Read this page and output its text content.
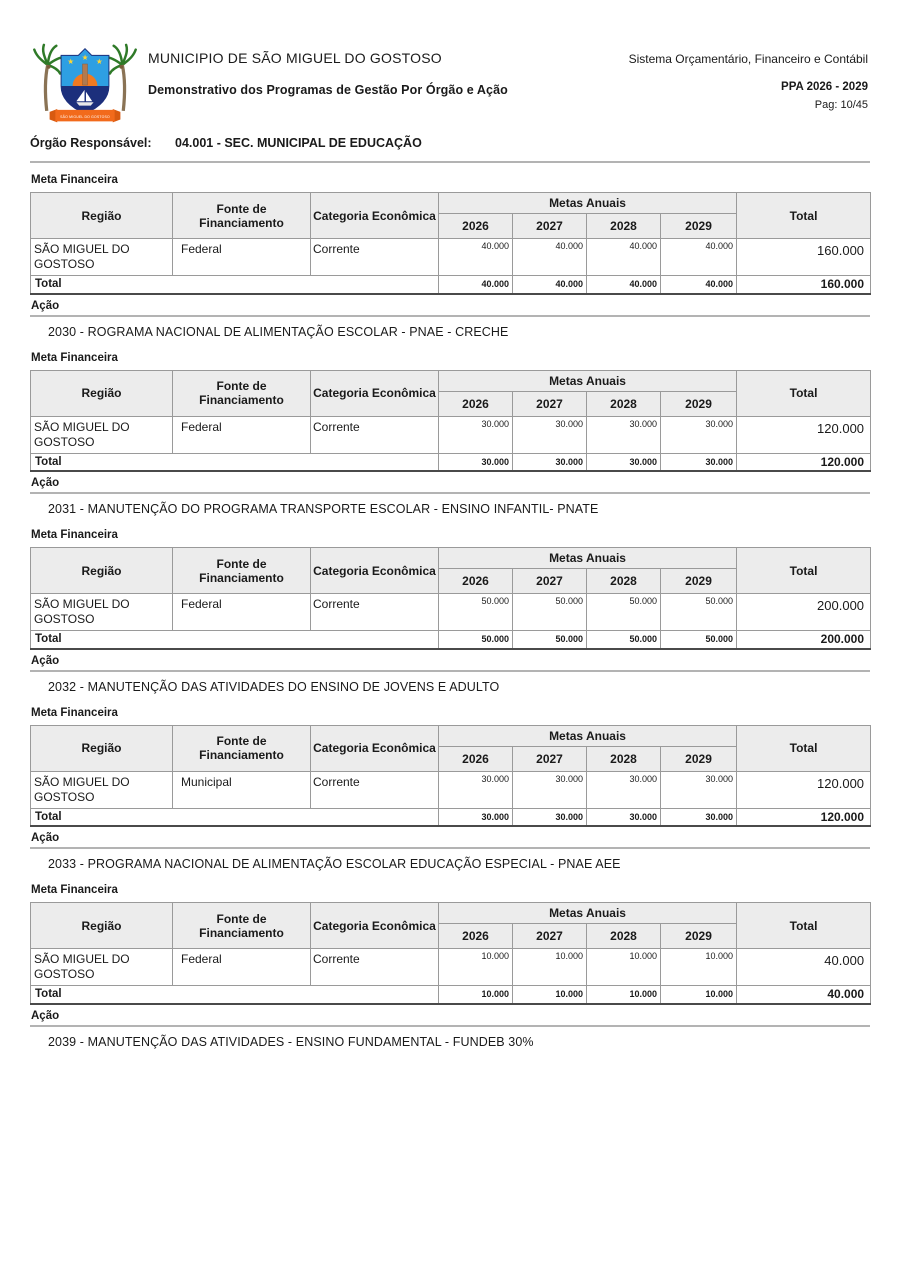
★ ★ ★
SÃO MIGUEL DO GOSTOSO
MUNICIPIO DE SÃO MIGUEL DO GOSTOSO
Demonstrativo dos Programas de Gestão Por Órgão e Ação
Sistema Orçamentário, Financeiro e Contábil
PPA 2026 - 2029
Pag: 10/45
Órgão Responsável: 04.001 - SEC. MUNICIPAL DE EDUCAÇÃO
Meta Financeira
Região	Fonte de Financiamento	Categoria Econômica	Metas Anuais				Total
			2026	2027	2028	2029	
SÃO MIGUEL DO GOSTOSO	Federal	Corrente	40.000	40.000	40.000	40.000	160.000
Total			40.000	40.000	40.000	40.000	160.000
Ação
2030 - ROGRAMA NACIONAL DE ALIMENTAÇÃO ESCOLAR - PNAE - CRECHE
Meta Financeira
Região	Fonte de Financiamento	Categoria Econômica	Metas Anuais				Total
			2026	2027	2028	2029	
SÃO MIGUEL DO GOSTOSO	Federal	Corrente	30.000	30.000	30.000	30.000	120.000
Total			30.000	30.000	30.000	30.000	120.000
Ação
2031 - MANUTENÇÃO DO PROGRAMA TRANSPORTE ESCOLAR - ENSINO INFANTIL- PNATE
Meta Financeira
Região	Fonte de Financiamento	Categoria Econômica	Metas Anuais				Total
			2026	2027	2028	2029	
SÃO MIGUEL DO GOSTOSO	Federal	Corrente	50.000	50.000	50.000	50.000	200.000
Total			50.000	50.000	50.000	50.000	200.000
Ação
2032 - MANUTENÇÃO DAS ATIVIDADES DO ENSINO DE JOVENS E ADULTO
Meta Financeira
Região	Fonte de Financiamento	Categoria Econômica	Metas Anuais				Total
			2026	2027	2028	2029	
SÃO MIGUEL DO GOSTOSO	Municipal	Corrente	30.000	30.000	30.000	30.000	120.000
Total			30.000	30.000	30.000	30.000	120.000
Ação
2033 - PROGRAMA NACIONAL DE ALIMENTAÇÃO ESCOLAR EDUCAÇÃO ESPECIAL - PNAE AEE
Meta Financeira
Região	Fonte de Financiamento	Categoria Econômica	Metas Anuais				Total
			2026	2027	2028	2029	
SÃO MIGUEL DO GOSTOSO	Federal	Corrente	10.000	10.000	10.000	10.000	40.000
Total			10.000	10.000	10.000	10.000	40.000
Ação
2039 - MANUTENÇÃO DAS ATIVIDADES - ENSINO FUNDAMENTAL - FUNDEB 30%
